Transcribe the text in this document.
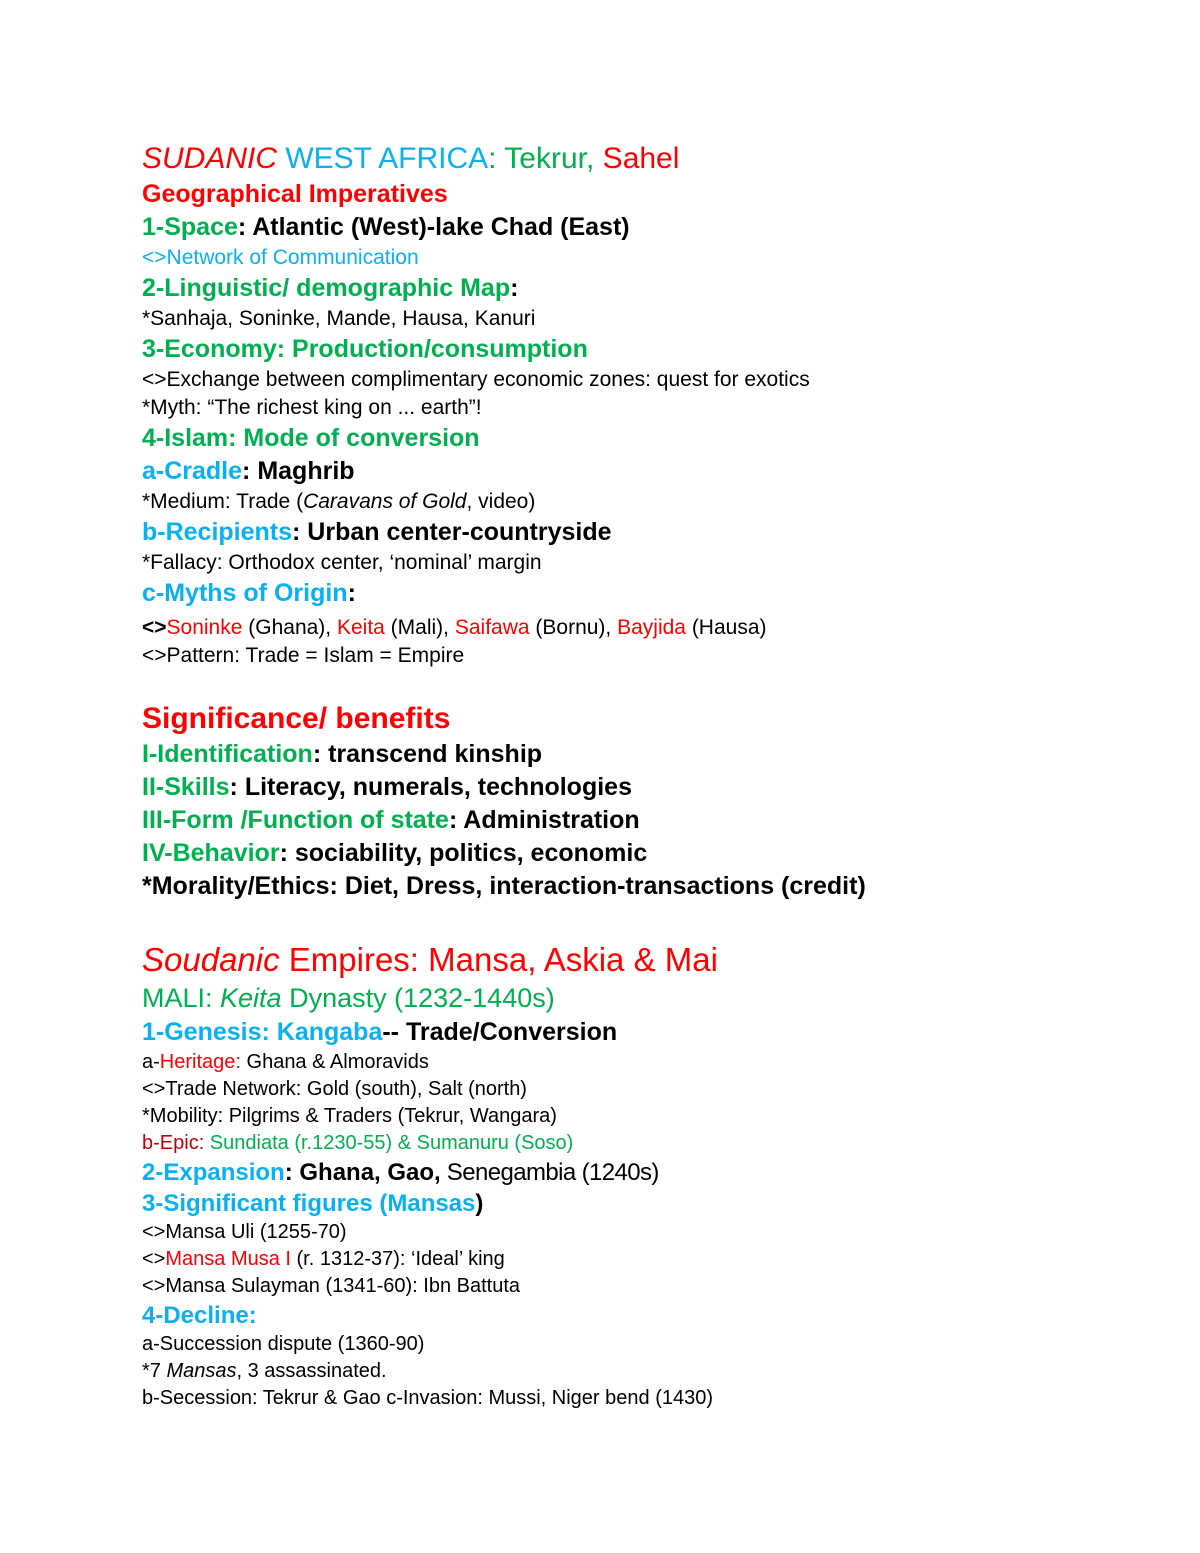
SUDANIC WEST AFRICA: Tekrur, Sahel
Geographical Imperatives
1-Space: Atlantic (West)-lake Chad (East)
<>Network of Communication
2-Linguistic/ demographic Map:
*Sanhaja, Soninke, Mande, Hausa, Kanuri
3-Economy: Production/consumption
<>Exchange between complimentary economic zones: quest for exotics
*Myth: “The richest king on ... earth”!
4-Islam: Mode of conversion
a-Cradle: Maghrib
*Medium: Trade (Caravans of Gold, video)
b-Recipients: Urban center-countryside
*Fallacy: Orthodox center, ‘nominal’ margin
c-Myths of Origin:
<>Soninke (Ghana), Keita (Mali), Saifawa (Bornu), Bayjida (Hausa)
<>Pattern: Trade = Islam = Empire
Significance/ benefits
I-Identification: transcend kinship
II-Skills: Literacy, numerals, technologies
III-Form /Function of state: Administration
IV-Behavior: sociability, politics, economic
*Morality/Ethics: Diet, Dress, interaction-transactions (credit)
Soudanic Empires: Mansa, Askia & Mai
MALI: Keita Dynasty (1232-1440s)
1-Genesis: Kangaba-- Trade/Conversion
a-Heritage: Ghana & Almoravids
<>Trade Network: Gold (south), Salt (north)
*Mobility: Pilgrims & Traders (Tekrur, Wangara)
b-Epic: Sundiata (r.1230-55) & Sumanuru (Soso)
2-Expansion: Ghana, Gao, Senegambia (1240s)
3-Significant figures (Mansas)
<>Mansa Uli (1255-70)
<>Mansa Musa I (r. 1312-37): ‘Ideal’ king
<>Mansa Sulayman (1341-60): Ibn Battuta
4-Decline:
a-Succession dispute (1360-90)
*7 Mansas, 3 assassinated.
b-Secession: Tekrur & Gao c-Invasion: Mussi, Niger bend (1430)
